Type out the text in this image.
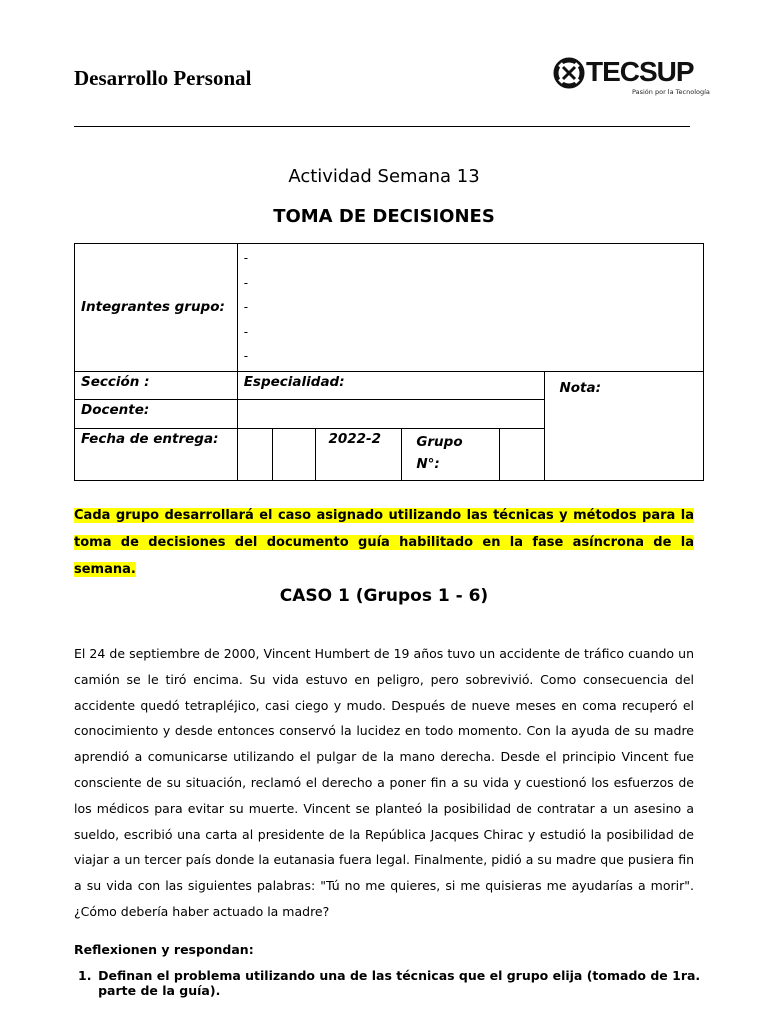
Desarrollo Personal	TECSUP
Pasión por la Tecnología
Actividad Semana 13
TOMA DE DECISIONES
Integrantes grupo:	-
-
-
-
-					

Sección :	Especialidad:					Nota:
Docente:						
Fecha de entrega:			2022-2	Grupo N°:		
Cada grupo desarrollará el caso asignado utilizando las técnicas y métodos para la toma de decisiones del documento guía habilitado en la fase asíncrona de la semana.
CASO 1 (Grupos 1 - 6)

El 24 de septiembre de 2000, Vincent Humbert de 19 años tuvo un accidente de tráfico cuando un camión se le tiró encima. Su vida estuvo en peligro, pero sobrevivió. Como consecuencia del accidente quedó tetrapléjico, casi ciego y mudo. Después de nueve meses en coma recuperó el conocimiento y desde entonces conservó la lucidez en todo momento. Con la ayuda de su madre aprendió a comunicarse utilizando el pulgar de la mano derecha. Desde el principio Vincent fue consciente de su situación, reclamó el derecho a poner fin a su vida y cuestionó los esfuerzos de los médicos para evitar su muerte. Vincent se planteó la posibilidad de contratar a un asesino a sueldo, escribió una carta al presidente de la República Jacques Chirac y estudió la posibilidad de viajar a un tercer país donde la eutanasia fuera legal. Finalmente, pidió a su madre que pusiera fin a su vida con las siguientes palabras: "Tú no me quieres, si me quisieras me ayudarías a morir". ¿Cómo debería haber actuado la madre?

Reflexionen y respondan:
1. Definan el problema utilizando una de las técnicas que el grupo elija (tomado de 1ra. parte de la guía).
